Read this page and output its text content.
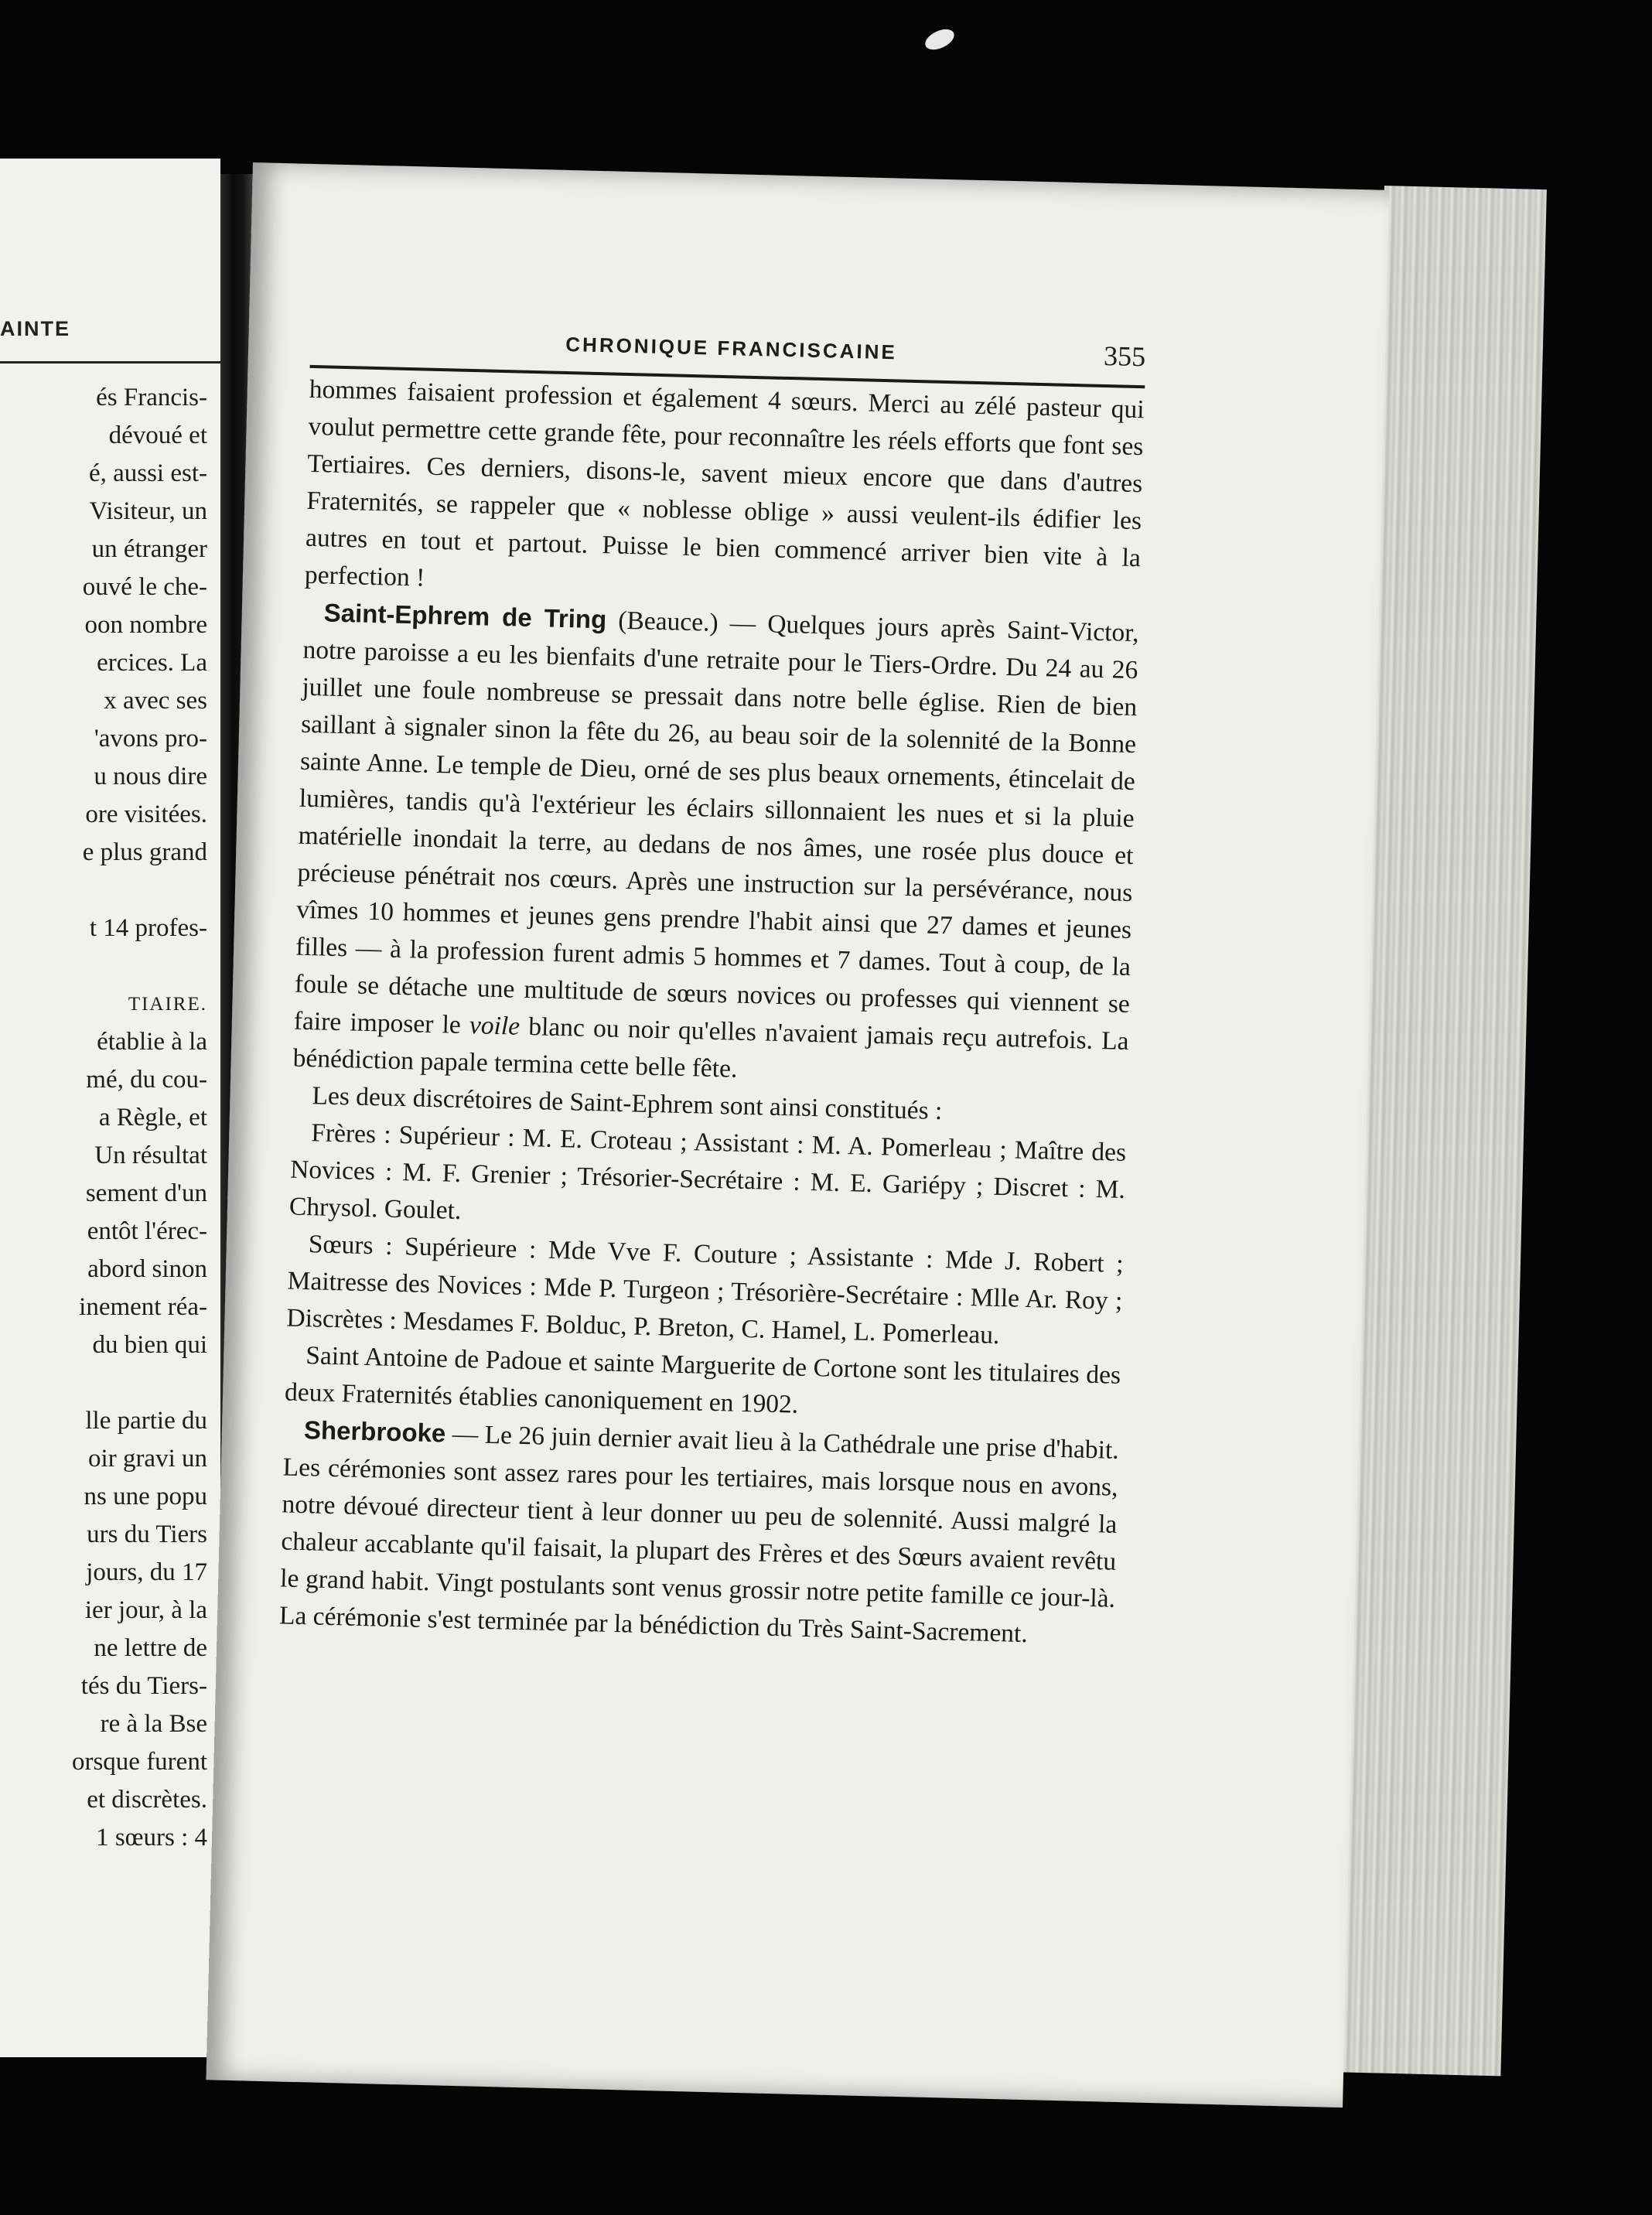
AINTE
és Francis-
dévoué et
é, aussi est-
Visiteur, un
un étranger
ouvé le che-
oon nombre
ercices. La
x avec ses
'avons pro-
u nous dire
ore visitées.
e plus grand
t 14 profes-
TIAIRE.
établie à la
mé, du cou-
a Règle, et
Un résultat
sement d'un
entôt l'érec-
abord sinon
inement réa-
du bien qui
lle partie du
oir gravi un
ns une popu
urs du Tiers
jours, du 17
ier jour, à la
ne lettre de
tés du Tiers-
re à la Bse
orsque furent
et discrètes.
1 sœurs : 4
CHRONIQUE FRANCISCAINE	355

hommes faisaient profession et également 4 sœurs. Merci au zélé pasteur qui voulut permettre cette grande fête, pour reconnaître les réels efforts que font ses Tertiaires. Ces derniers, disons-le, savent mieux encore que dans d'autres Fraternités, se rappeler que « noblesse oblige » aussi veulent-ils édifier les autres en tout et partout. Puisse le bien commencé arriver bien vite à la perfection !

Saint-Ephrem de Tring (Beauce.) — Quelques jours après Saint-Victor, notre paroisse a eu les bienfaits d'une retraite pour le Tiers-Ordre. Du 24 au 26 juillet une foule nombreuse se pressait dans notre belle église. Rien de bien saillant à signaler sinon la fête du 26, au beau soir de la solennité de la Bonne sainte Anne. Le temple de Dieu, orné de ses plus beaux ornements, étincelait de lumières, tandis qu'à l'extérieur les éclairs sillonnaient les nues et si la pluie matérielle inondait la terre, au dedans de nos âmes, une rosée plus douce et précieuse pénétrait nos cœurs. Après une instruction sur la persévérance, nous vîmes 10 hommes et jeunes gens prendre l'habit ainsi que 27 dames et jeunes filles — à la profession furent admis 5 hommes et 7 dames. Tout à coup, de la foule se détache une multitude de sœurs novices ou professes qui viennent se faire imposer le voile blanc ou noir qu'elles n'avaient jamais reçu autrefois. La bénédiction papale termina cette belle fête.

Les deux discrétoires de Saint-Ephrem sont ainsi constitués :

Frères : Supérieur : M. E. Croteau ; Assistant : M. A. Pomerleau ; Maître des Novices : M. F. Grenier ; Trésorier-Secrétaire : M. E. Gariépy ; Discret : M. Chrysol. Goulet.

Sœurs : Supérieure : Mde Vve F. Couture ; Assistante : Mde J. Robert ; Maitresse des Novices : Mde P. Turgeon ; Trésorière-Secrétaire : Mlle Ar. Roy ; Discrètes : Mesdames F. Bolduc, P. Breton, C. Hamel, L. Pomerleau.

Saint Antoine de Padoue et sainte Marguerite de Cortone sont les titulaires des deux Fraternités établies canoniquement en 1902.

Sherbrooke — Le 26 juin dernier avait lieu à la Cathédrale une prise d'habit. Les cérémonies sont assez rares pour les tertiaires, mais lorsque nous en avons, notre dévoué directeur tient à leur donner uu peu de solennité. Aussi malgré la chaleur accablante qu'il faisait, la plupart des Frères et des Sœurs avaient revêtu le grand habit. Vingt postulants sont venus grossir notre petite famille ce jour-là. La cérémonie s'est terminée par la bénédiction du Très Saint-Sacrement.
